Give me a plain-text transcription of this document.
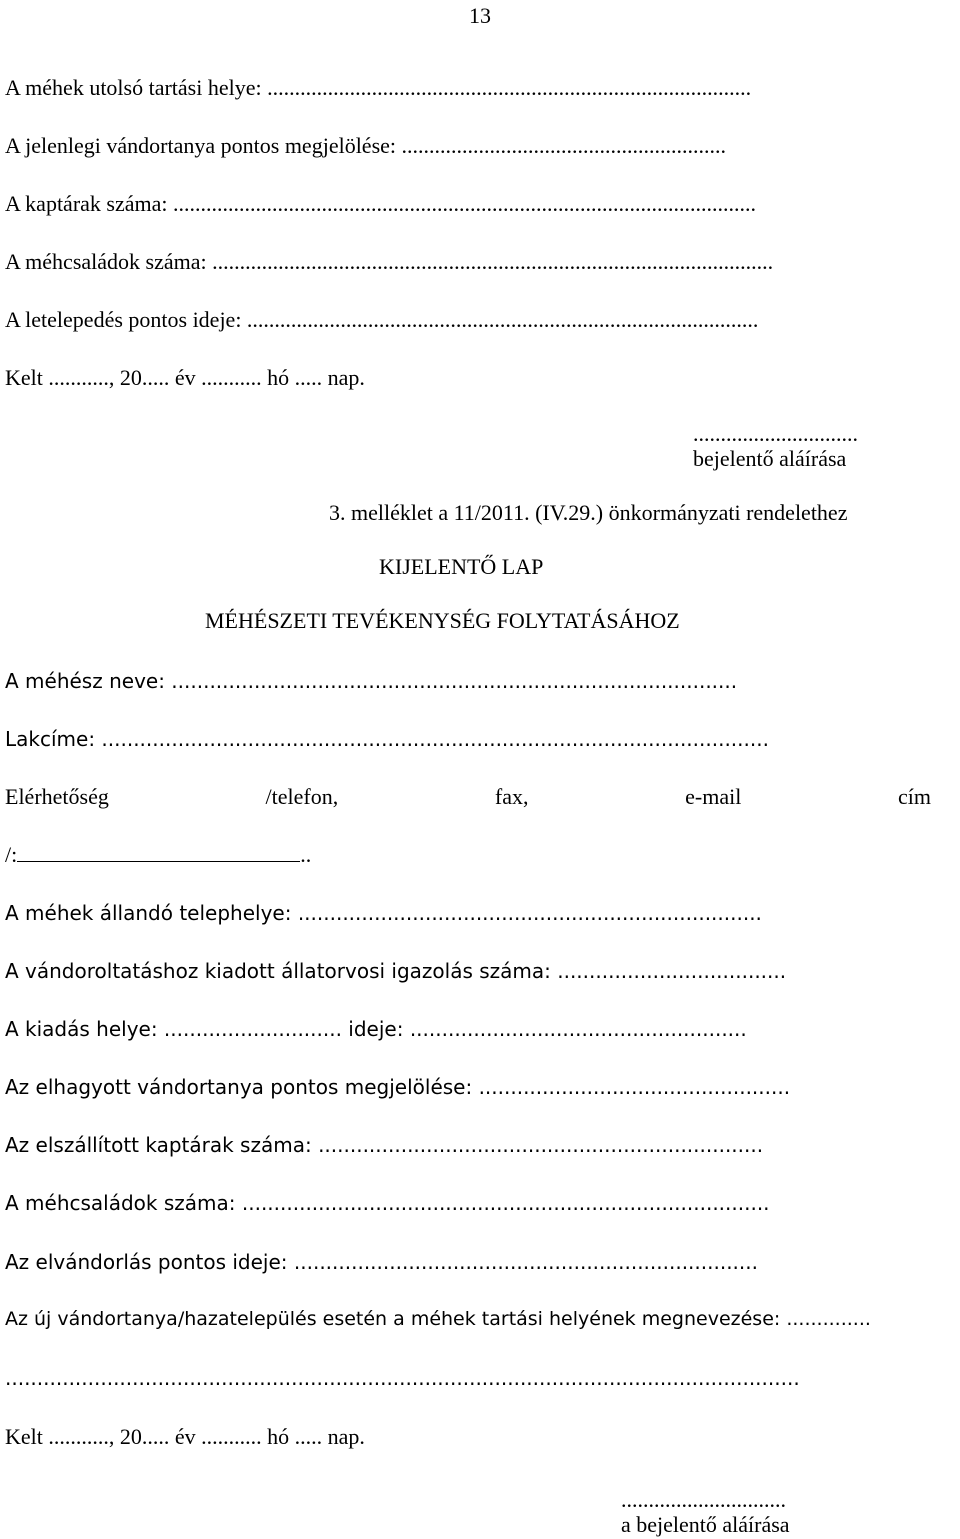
13
A méhek utolsó tartási helye: ........................................................................................
A jelenlegi vándortanya pontos megjelölése: ...........................................................
A kaptárak száma: ..........................................................................................................
A méhcsaládok száma: ......................................................................................................
A letelepedés pontos ideje: .............................................................................................
Kelt ..........., 20..... év ........... hó ..... nap.
..............................
bejelentő aláírása
3. melléklet a 11/2011. (IV.29.) önkormányzati rendelethez
KIJELENTŐ LAP
MÉHÉSZETI TEVÉKENYSÉG FOLYTATÁSÁHOZ
A méhész neve: .........................................................................................
Lakcíme: .........................................................................................................
Elérhetőség	/telefon,	fax,	e-mail	cím
/:	..
A méhek állandó telephelye: .........................................................................
A vándoroltatáshoz kiadott állatorvosi igazolás száma: ....................................
A kiadás helye: ............................ ideje: .....................................................
Az elhagyott vándortanya pontos megjelölése: .................................................
Az elszállított kaptárak száma: ......................................................................
A méhcsaládok száma: ...................................................................................
Az elvándorlás pontos ideje: .........................................................................
Az új vándortanya/hazatelepülés esetén a méhek tartási helyének megnevezése: ..............
.............................................................................................................................
Kelt ..........., 20..... év ........... hó ..... nap.
..............................
a bejelentő aláírása
